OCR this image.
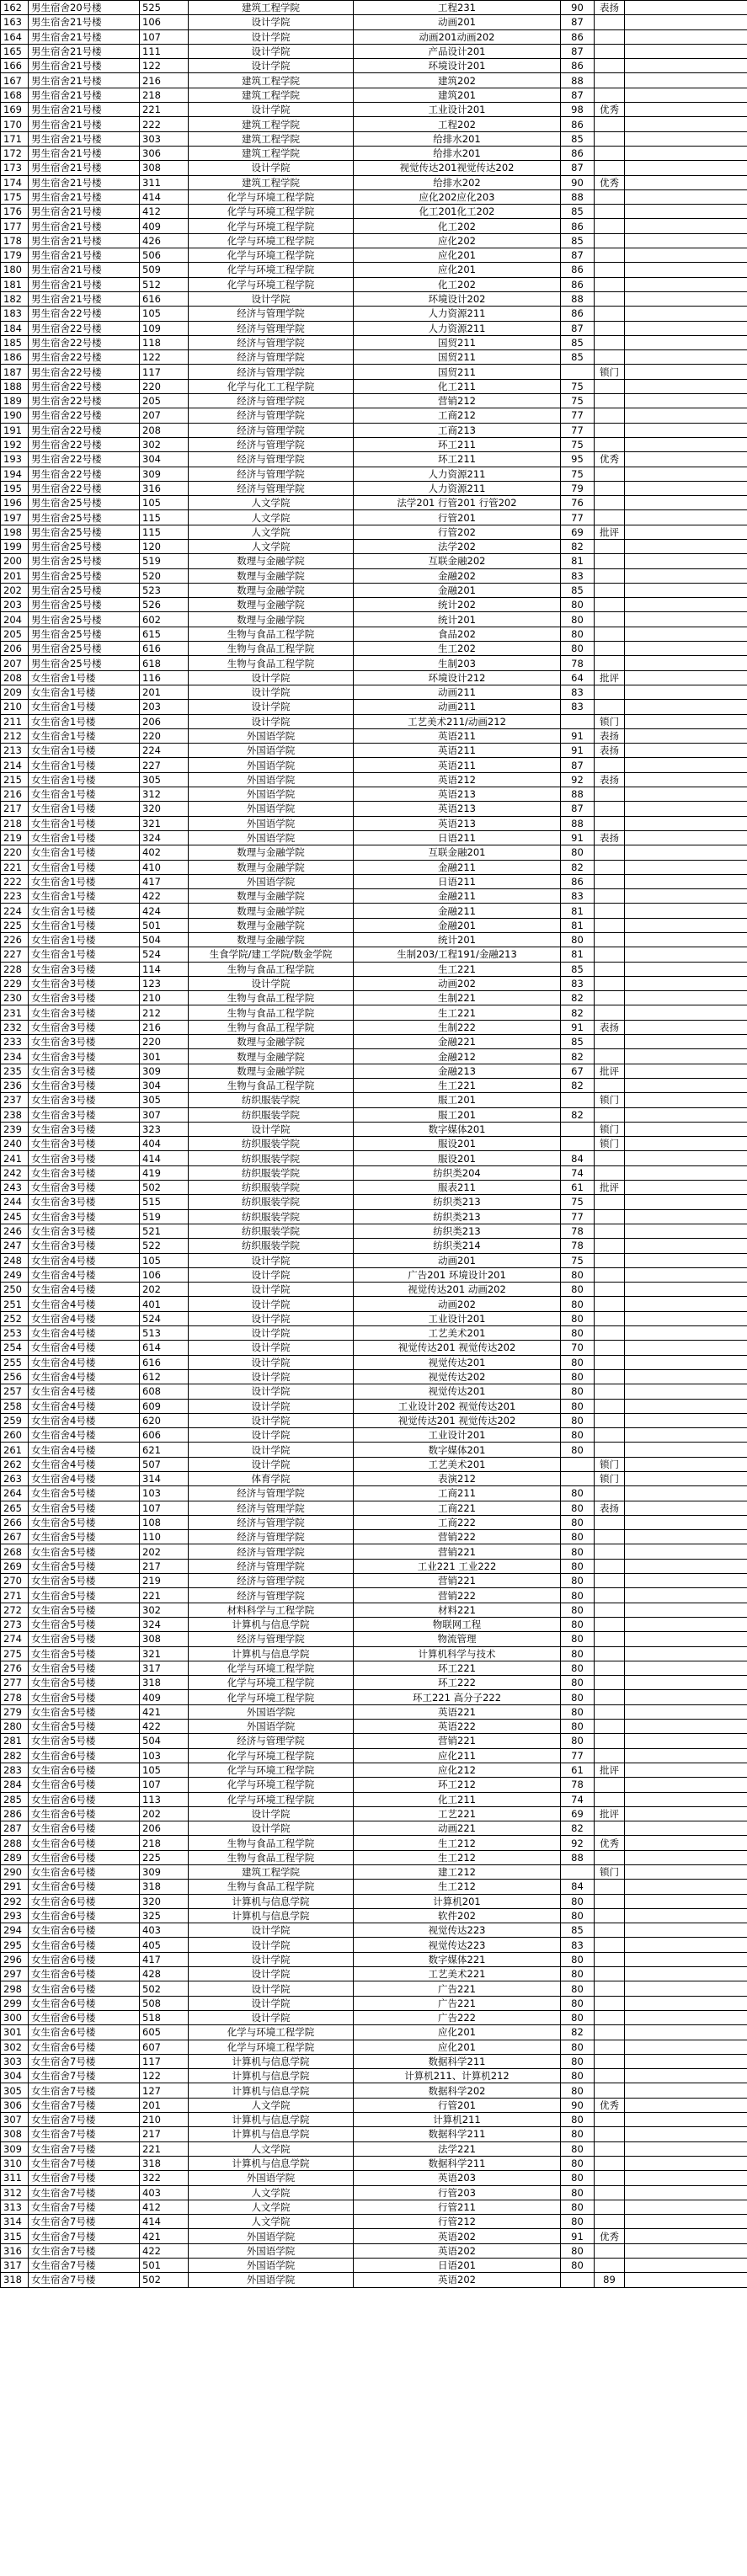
162	男生宿舍20号楼	525	建筑工程学院	工程231	90	表扬	
163	男生宿舍21号楼	106	设计学院	动画201	87		
164	男生宿舍21号楼	107	设计学院	动画201动画202	86		
165	男生宿舍21号楼	111	设计学院	产品设计201	87		
166	男生宿舍21号楼	122	设计学院	环境设计201	86		
167	男生宿舍21号楼	216	建筑工程学院	建筑202	88		
168	男生宿舍21号楼	218	建筑工程学院	建筑201	87		
169	男生宿舍21号楼	221	设计学院	工业设计201	98	优秀	
170	男生宿舍21号楼	222	建筑工程学院	工程202	86		
171	男生宿舍21号楼	303	建筑工程学院	给排水201	85		
172	男生宿舍21号楼	306	建筑工程学院	给排水201	86		
173	男生宿舍21号楼	308	设计学院	视觉传达201视觉传达202	87		
174	男生宿舍21号楼	311	建筑工程学院	给排水202	90	优秀	
175	男生宿舍21号楼	414	化学与环境工程学院	应化202应化203	88		
176	男生宿舍21号楼	412	化学与环境工程学院	化工201化工202	85		
177	男生宿舍21号楼	409	化学与环境工程学院	化工202	86		
178	男生宿舍21号楼	426	化学与环境工程学院	应化202	85		
179	男生宿舍21号楼	506	化学与环境工程学院	应化201	87		
180	男生宿舍21号楼	509	化学与环境工程学院	应化201	86		
181	男生宿舍21号楼	512	化学与环境工程学院	化工202	86		
182	男生宿舍21号楼	616	设计学院	环境设计202	88		
183	男生宿舍22号楼	105	经济与管理学院	人力资源211	86		
184	男生宿舍22号楼	109	经济与管理学院	人力资源211	87		
185	男生宿舍22号楼	118	经济与管理学院	国贸211	85		
186	男生宿舍22号楼	122	经济与管理学院	国贸211	85		
187	男生宿舍22号楼	117	经济与管理学院	国贸211		锁门	
188	男生宿舍22号楼	220	化学与化工工程学院	化工211	75		
189	男生宿舍22号楼	205	经济与管理学院	营销212	75		
190	男生宿舍22号楼	207	经济与管理学院	工商212	77		
191	男生宿舍22号楼	208	经济与管理学院	工商213	77		
192	男生宿舍22号楼	302	经济与管理学院	环工211	75		
193	男生宿舍22号楼	304	经济与管理学院	环工211	95	优秀	
194	男生宿舍22号楼	309	经济与管理学院	人力资源211	75		
195	男生宿舍22号楼	316	经济与管理学院	人力资源211	79		
196	男生宿舍25号楼	105	人文学院	法学201 行管201 行管202	76		
197	男生宿舍25号楼	115	人文学院	行管201	77		
198	男生宿舍25号楼	115	人文学院	行管202	69	批评	
199	男生宿舍25号楼	120	人文学院	法学202	82		
200	男生宿舍25号楼	519	数理与金融学院	互联金融202	81		
201	男生宿舍25号楼	520	数理与金融学院	金融202	83		
202	男生宿舍25号楼	523	数理与金融学院	金融201	85		
203	男生宿舍25号楼	526	数理与金融学院	统计202	80		
204	男生宿舍25号楼	602	数理与金融学院	统计201	80		
205	男生宿舍25号楼	615	生物与食品工程学院	食品202	80		
206	男生宿舍25号楼	616	生物与食品工程学院	生工202	80		
207	男生宿舍25号楼	618	生物与食品工程学院	生制203	78		
208	女生宿舍1号楼	116	设计学院	环境设计212	64	批评	
209	女生宿舍1号楼	201	设计学院	动画211	83		
210	女生宿舍1号楼	203	设计学院	动画211	83		
211	女生宿舍1号楼	206	设计学院	工艺美术211/动画212		锁门	
212	女生宿舍1号楼	220	外国语学院	英语211	91	表扬	
213	女生宿舍1号楼	224	外国语学院	英语211	91	表扬	
214	女生宿舍1号楼	227	外国语学院	英语211	87		
215	女生宿舍1号楼	305	外国语学院	英语212	92	表扬	
216	女生宿舍1号楼	312	外国语学院	英语213	88		
217	女生宿舍1号楼	320	外国语学院	英语213	87		
218	女生宿舍1号楼	321	外国语学院	英语213	88		
219	女生宿舍1号楼	324	外国语学院	日语211	91	表扬	
220	女生宿舍1号楼	402	数理与金融学院	互联金融201	80		
221	女生宿舍1号楼	410	数理与金融学院	金融211	82		
222	女生宿舍1号楼	417	外国语学院	日语211	86		
223	女生宿舍1号楼	422	数理与金融学院	金融211	83		
224	女生宿舍1号楼	424	数理与金融学院	金融211	81		
225	女生宿舍1号楼	501	数理与金融学院	金融201	81		
226	女生宿舍1号楼	504	数理与金融学院	统计201	80		
227	女生宿舍1号楼	524	生食学院/建工学院/数金学院	生制203/工程191/金融213	81		
228	女生宿舍3号楼	114	生物与食品工程学院	生工221	85		
229	女生宿舍3号楼	123	设计学院	动画202	83		
230	女生宿舍3号楼	210	生物与食品工程学院	生制221	82		
231	女生宿舍3号楼	212	生物与食品工程学院	生工221	82		
232	女生宿舍3号楼	216	生物与食品工程学院	生制222	91	表扬	
233	女生宿舍3号楼	220	数理与金融学院	金融221	85		
234	女生宿舍3号楼	301	数理与金融学院	金融212	82		
235	女生宿舍3号楼	309	数理与金融学院	金融213	67	批评	
236	女生宿舍3号楼	304	生物与食品工程学院	生工221	82		
237	女生宿舍3号楼	305	纺织服装学院	服工201		锁门	
238	女生宿舍3号楼	307	纺织服装学院	服工201	82		
239	女生宿舍3号楼	323	设计学院	数字媒体201		锁门	
240	女生宿舍3号楼	404	纺织服装学院	服设201		锁门	
241	女生宿舍3号楼	414	纺织服装学院	服设201	84		
242	女生宿舍3号楼	419	纺织服装学院	纺织类204	74		
243	女生宿舍3号楼	502	纺织服装学院	服表211	61	批评	
244	女生宿舍3号楼	515	纺织服装学院	纺织类213	75		
245	女生宿舍3号楼	519	纺织服装学院	纺织类213	77		
246	女生宿舍3号楼	521	纺织服装学院	纺织类213	78		
247	女生宿舍3号楼	522	纺织服装学院	纺织类214	78		
248	女生宿舍4号楼	105	设计学院	动画201	75		
249	女生宿舍4号楼	106	设计学院	广告201 环境设计201	80		
250	女生宿舍4号楼	202	设计学院	视觉传达201 动画202	80		
251	女生宿舍4号楼	401	设计学院	动画202	80		
252	女生宿舍4号楼	524	设计学院	工业设计201	80		
253	女生宿舍4号楼	513	设计学院	工艺美术201	80		
254	女生宿舍4号楼	614	设计学院	视觉传达201 视觉传达202	70		
255	女生宿舍4号楼	616	设计学院	视觉传达201	80		
256	女生宿舍4号楼	612	设计学院	视觉传达202	80		
257	女生宿舍4号楼	608	设计学院	视觉传达201	80		
258	女生宿舍4号楼	609	设计学院	工业设计202 视觉传达201	80		
259	女生宿舍4号楼	620	设计学院	视觉传达201 视觉传达202	80		
260	女生宿舍4号楼	606	设计学院	工业设计201	80		
261	女生宿舍4号楼	621	设计学院	数字媒体201	80		
262	女生宿舍4号楼	507	设计学院	工艺美术201		锁门	
263	女生宿舍4号楼	314	体育学院	表演212		锁门	
264	女生宿舍5号楼	103	经济与管理学院	工商211	80		
265	女生宿舍5号楼	107	经济与管理学院	工商221	80	表扬	
266	女生宿舍5号楼	108	经济与管理学院	工商222	80		
267	女生宿舍5号楼	110	经济与管理学院	营销222	80		
268	女生宿舍5号楼	202	经济与管理学院	营销221	80		
269	女生宿舍5号楼	217	经济与管理学院	工业221 工业222	80		
270	女生宿舍5号楼	219	经济与管理学院	营销221	80		
271	女生宿舍5号楼	221	经济与管理学院	营销222	80		
272	女生宿舍5号楼	302	材料科学与工程学院	材料221	80		
273	女生宿舍5号楼	324	计算机与信息学院	物联网工程	80		
274	女生宿舍5号楼	308	经济与管理学院	物流管理	80		
275	女生宿舍5号楼	321	计算机与信息学院	计算机科学与技术	80		
276	女生宿舍5号楼	317	化学与环境工程学院	环工221	80		
277	女生宿舍5号楼	318	化学与环境工程学院	环工222	80		
278	女生宿舍5号楼	409	化学与环境工程学院	环工221 高分子222	80		
279	女生宿舍5号楼	421	外国语学院	英语221	80		
280	女生宿舍5号楼	422	外国语学院	英语222	80		
281	女生宿舍5号楼	504	经济与管理学院	营销221	80		
282	女生宿舍6号楼	103	化学与环境工程学院	应化211	77		
283	女生宿舍6号楼	105	化学与环境工程学院	应化212	61	批评	
284	女生宿舍6号楼	107	化学与环境工程学院	环工212	78		
285	女生宿舍6号楼	113	化学与环境工程学院	化工211	74		
286	女生宿舍6号楼	202	设计学院	工艺221	69	批评	
287	女生宿舍6号楼	206	设计学院	动画221	82		
288	女生宿舍6号楼	218	生物与食品工程学院	生工212	92	优秀	
289	女生宿舍6号楼	225	生物与食品工程学院	生工212	88		
290	女生宿舍6号楼	309	建筑工程学院	建工212		锁门	
291	女生宿舍6号楼	318	生物与食品工程学院	生工212	84		
292	女生宿舍6号楼	320	计算机与信息学院	计算机201	80		
293	女生宿舍6号楼	325	计算机与信息学院	软件202	80		
294	女生宿舍6号楼	403	设计学院	视觉传达223	85		
295	女生宿舍6号楼	405	设计学院	视觉传达223	83		
296	女生宿舍6号楼	417	设计学院	数字媒体221	80		
297	女生宿舍6号楼	428	设计学院	工艺美术221	80		
298	女生宿舍6号楼	502	设计学院	广告221	80		
299	女生宿舍6号楼	508	设计学院	广告221	80		
300	女生宿舍6号楼	518	设计学院	广告222	80		
301	女生宿舍6号楼	605	化学与环境工程学院	应化201	82		
302	女生宿舍6号楼	607	化学与环境工程学院	应化201	80		
303	女生宿舍7号楼	117	计算机与信息学院	数据科学211	80		
304	女生宿舍7号楼	122	计算机与信息学院	计算机211、计算机212	80		
305	女生宿舍7号楼	127	计算机与信息学院	数据科学202	80		
306	女生宿舍7号楼	201	人文学院	行管201	90	优秀	
307	女生宿舍7号楼	210	计算机与信息学院	计算机211	80		
308	女生宿舍7号楼	217	计算机与信息学院	数据科学211	80		
309	女生宿舍7号楼	221	人文学院	法学221	80		
310	女生宿舍7号楼	318	计算机与信息学院	数据科学211	80		
311	女生宿舍7号楼	322	外国语学院	英语203	80		
312	女生宿舍7号楼	403	人文学院	行管203	80		
313	女生宿舍7号楼	412	人文学院	行管211	80		
314	女生宿舍7号楼	414	人文学院	行管212	80		
315	女生宿舍7号楼	421	外国语学院	英语202	91	优秀	
316	女生宿舍7号楼	422	外国语学院	英语202	80		
317	女生宿舍7号楼	501	外国语学院	日语201	80		
318	女生宿舍7号楼	502	外国语学院	英语202		89	
